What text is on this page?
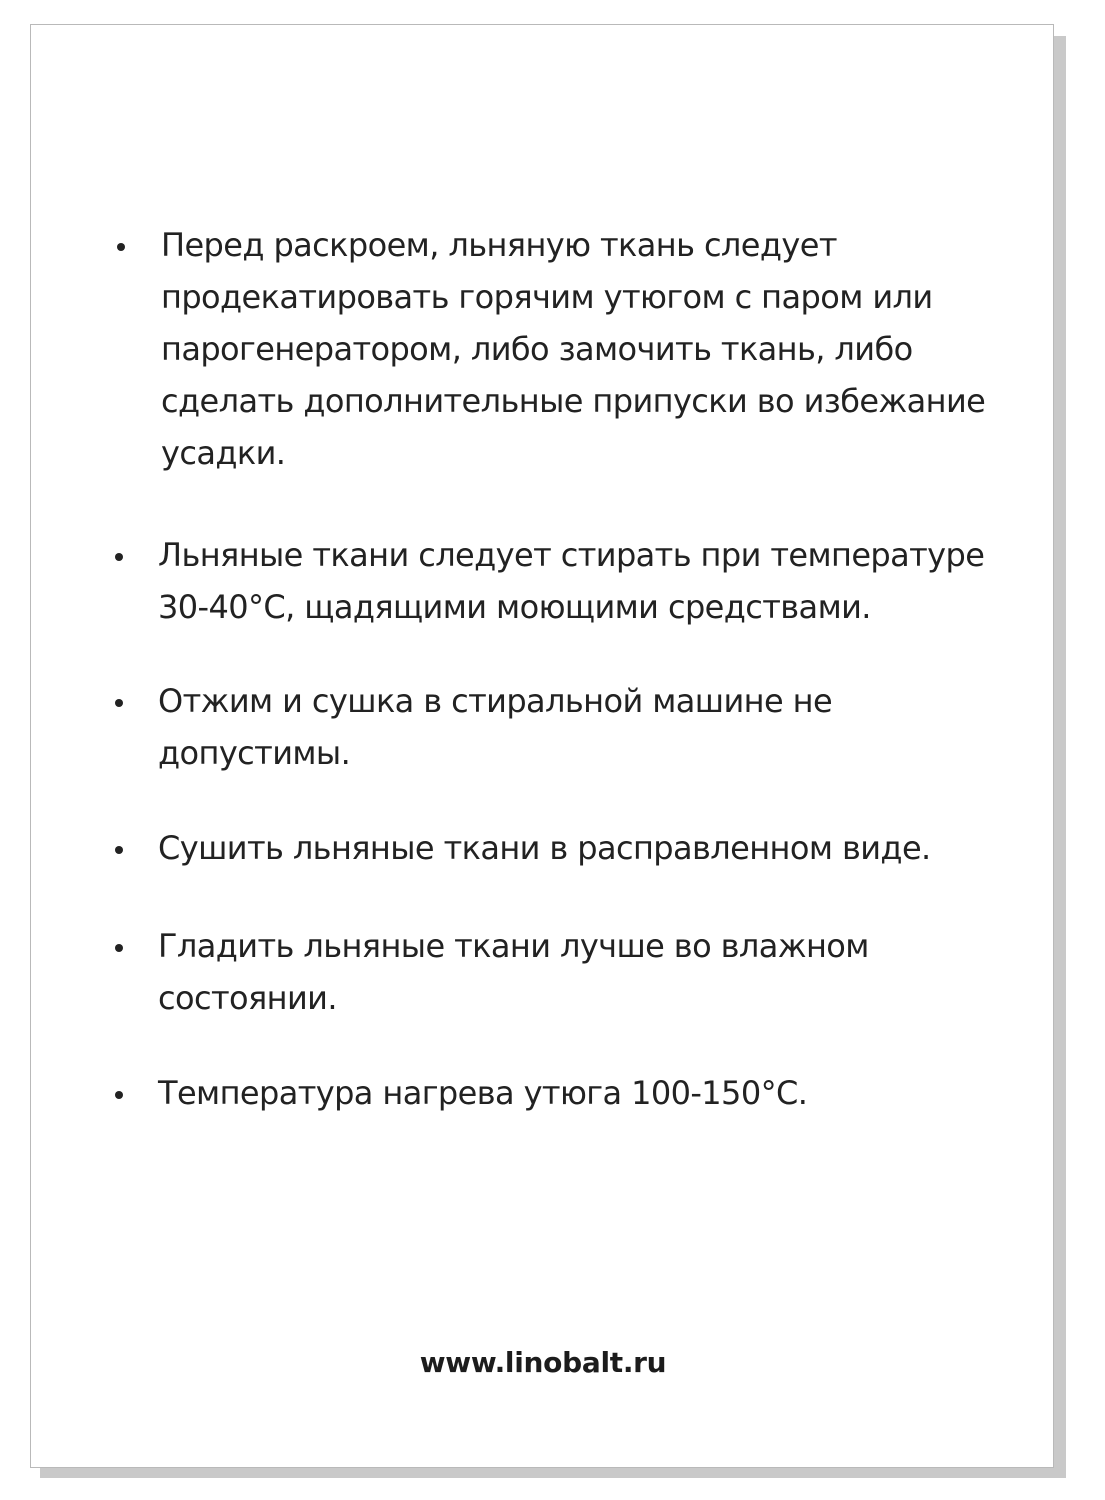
Перед раскроем, льняную ткань следует
продекатировать горячим утюгом с паром или
парогенератором, либо замочить ткань, либо
сделать дополнительные припуски во избежание
усадки.
Льняные ткани следует стирать при температуре
30-40°С, щадящими моющими средствами.
Отжим и сушка в стиральной машине не
допустимы.
Сушить льняные ткани в расправленном виде.
Гладить льняные ткани лучше во влажном
состоянии.
Температура нагрева утюга 100-150°С.
www.linobalt.ru
